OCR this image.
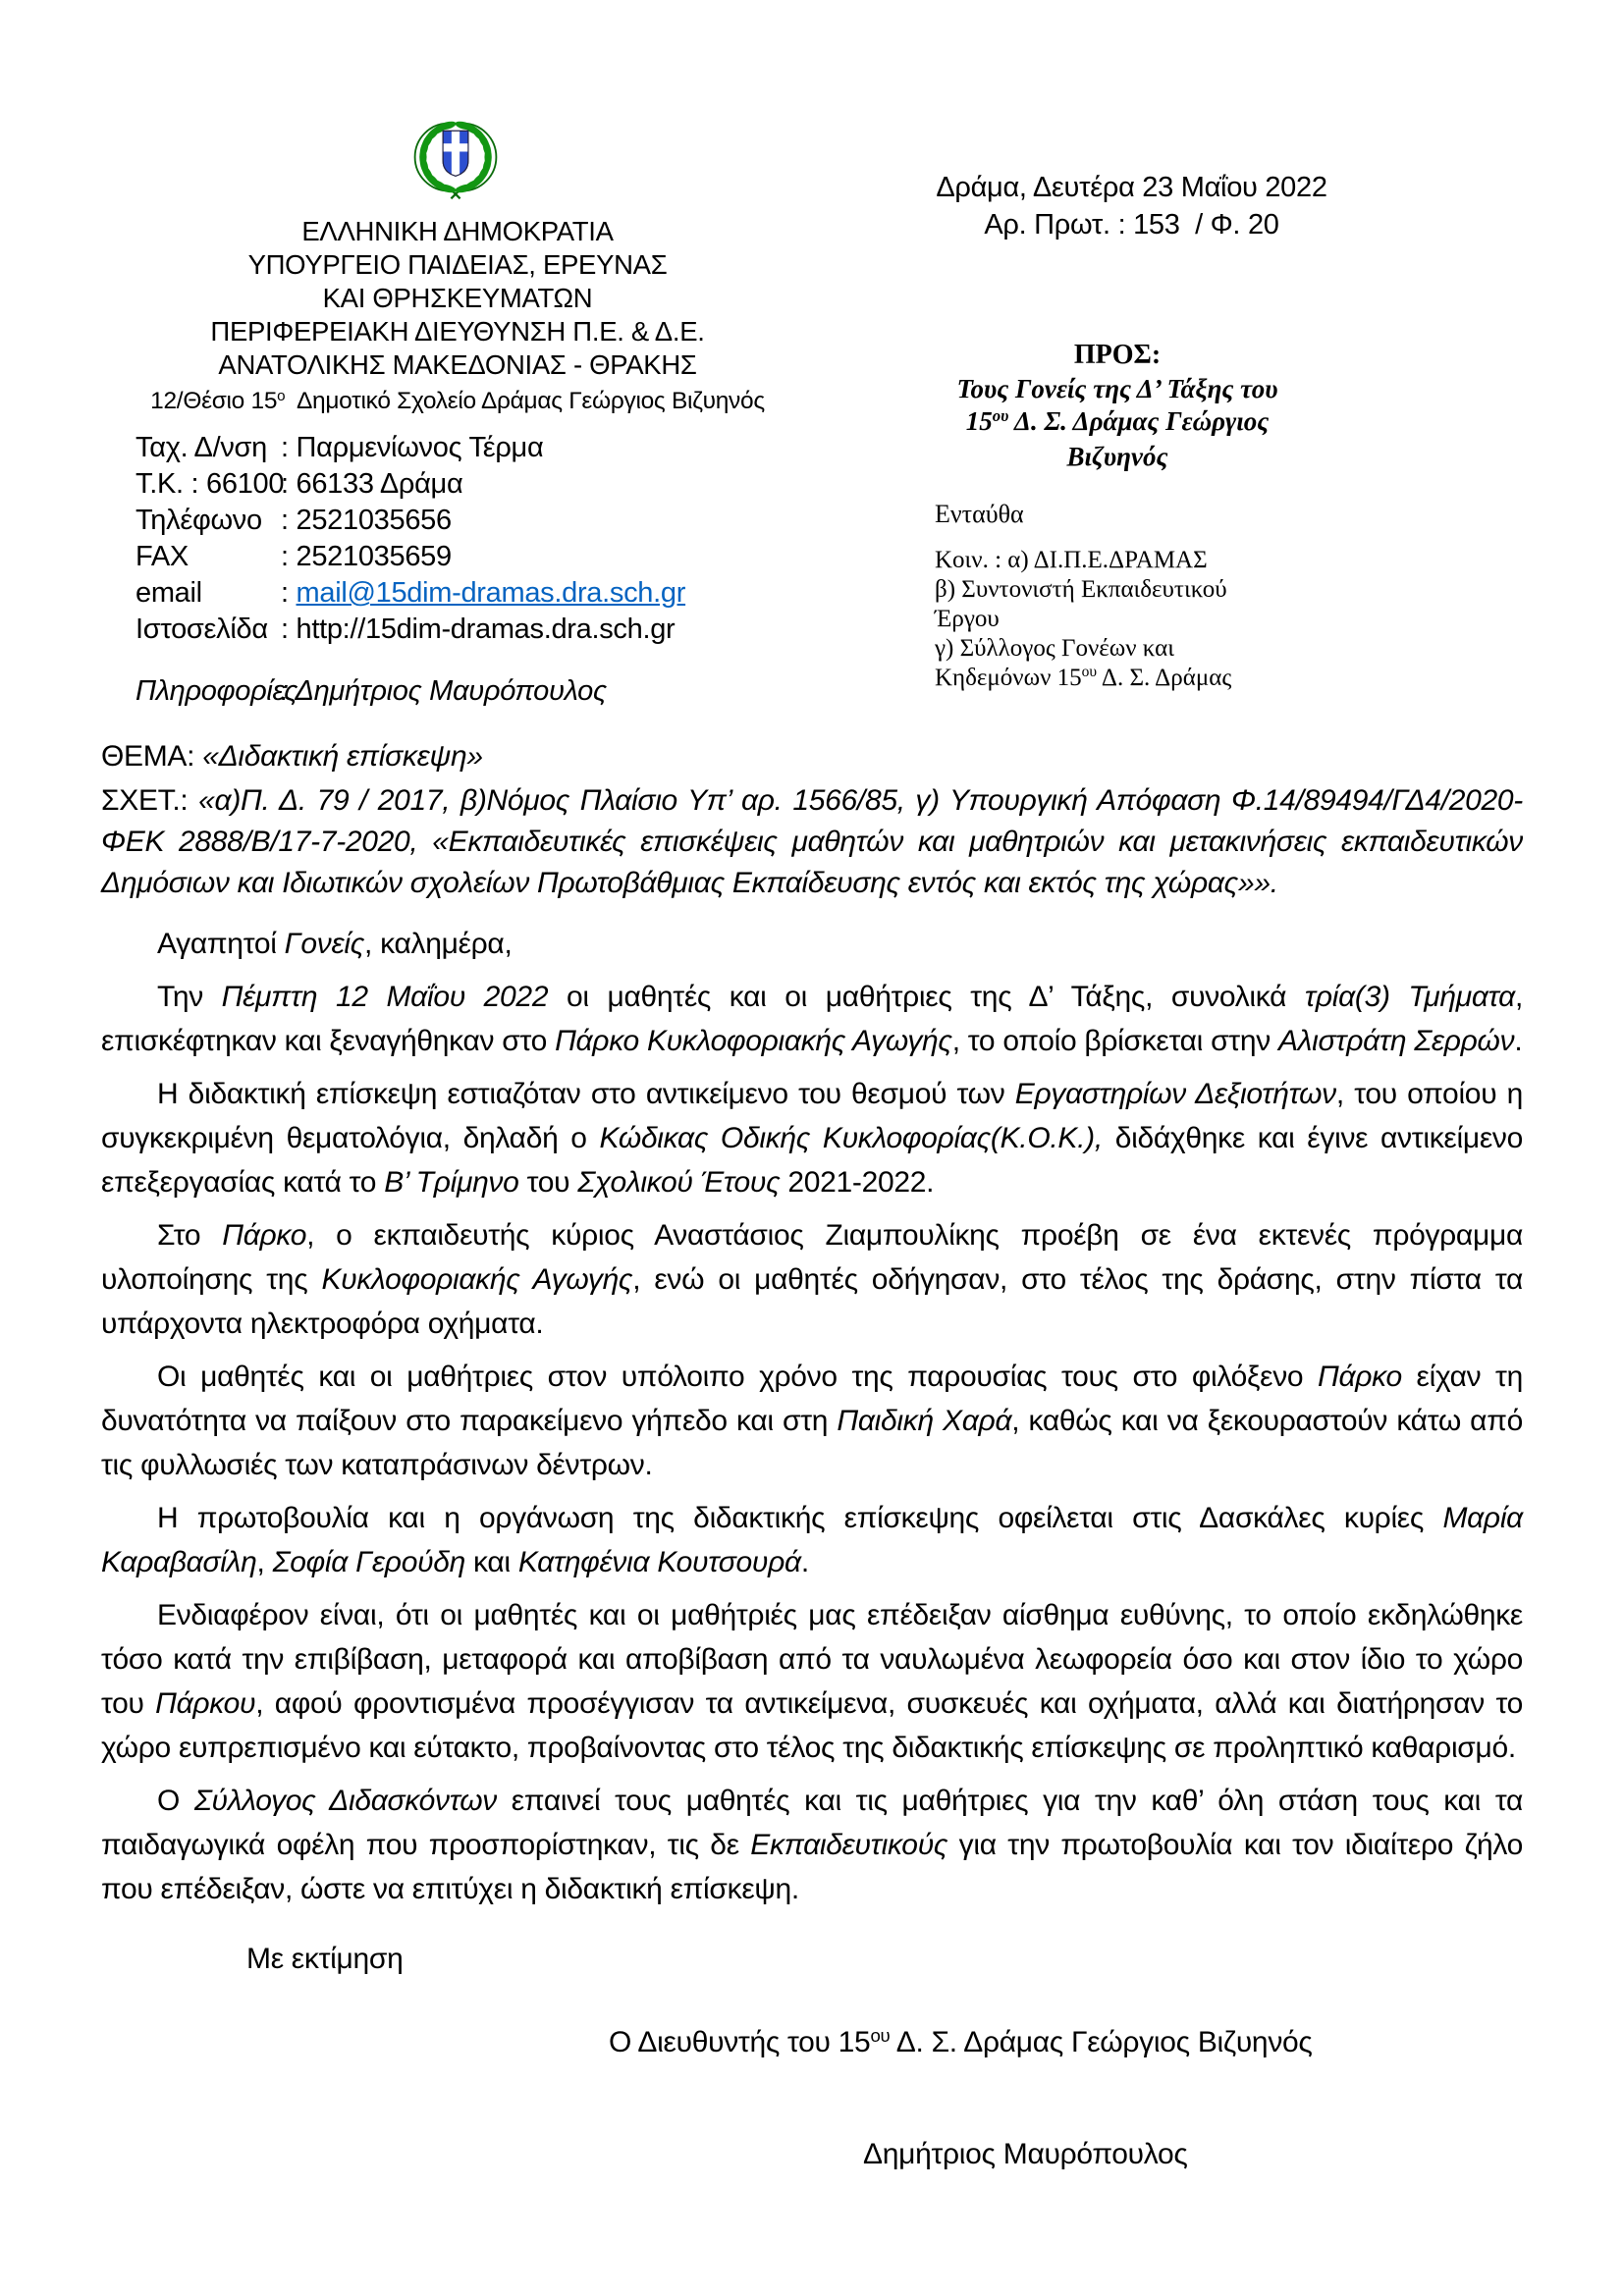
ΕΛΛΗΝΙΚΗ ΔΗΜΟΚΡΑΤΙΑ
ΥΠΟΥΡΓΕΙΟ ΠΑΙΔΕΙΑΣ, ΕΡΕΥΝΑΣ
ΚΑΙ ΘΡΗΣΚΕΥΜΑΤΩΝ
ΠΕΡΙΦΕΡΕΙΑΚΗ ΔΙΕΥΘΥΝΣΗ Π.Ε. & Δ.Ε.
ΑΝΑΤΟΛΙΚΗΣ ΜΑΚΕΔΟΝΙΑΣ - ΘΡΑΚΗΣ
12/Θέσιο $15^o$  Δημοτικό Σχολείο Δράμας Γεώργιος Βιζυηνός
Δράμα, Δευτέρα 23 Μαΐου 2022
Αρ. Πρωτ. : 153  / Φ. 20
Ταχ. Δ/νση : Παρμενίωνος Τέρμα
Τ.Κ. : 66100: 66133 Δράμα
Τηλέφωνο : 2521035656
FAX	: 2521035659
email	: mail@15dim-dramas.dra.sch.gr
Ιστοσελίδα : http://15dim-dramas.dra.sch.gr
Πληροφορίες: Δημήτριος Μαυρόπουλος
ΠΡΟΣ:
Τους Γονείς της Δ’ Τάξης του
$15^{o\upsilon}$ Δ. Σ. Δράμας Γεώργιος
Βιζυηνός
Ενταύθα
Κοιν. : α) ΔΙ.Π.Ε.ΔΡΑΜΑΣ
β) Συντονιστή Εκπαιδευτικού
Έργου
γ) Σύλλογος Γονέων και
Κηδεμόνων $15^{o\upsilon}$ Δ. Σ. Δράμας
ΘΕΜΑ: «Διδακτική επίσκεψη»
ΣΧΕΤ.: «α)Π. Δ. 79 / 2017, β)Νόμος Πλαίσιο Υπ’ αρ. 1566/85, γ) Υπουργική Απόφαση Φ.14/89494/ΓΔ4/2020-ΦΕΚ 2888/Β/17-7-2020, «Εκπαιδευτικές επισκέψεις μαθητών και μαθητριών και μετακινήσεις εκπαιδευτικών Δημόσιων και Ιδιωτικών σχολείων Πρωτοβάθμιας Εκπαίδευσης εντός και εκτός της χώρας»».

Αγαπητοί Γονείς, καλημέρα,

Την Πέμπτη 12 Μαΐου 2022 οι μαθητές και οι μαθήτριες της Δ’ Τάξης, συνολικά τρία(3) Τμήματα, επισκέφτηκαν και ξεναγήθηκαν στο Πάρκο Κυκλοφοριακής Αγωγής, το οποίο βρίσκεται στην Αλιστράτη Σερρών.

Η διδακτική επίσκεψη εστιαζόταν στο αντικείμενο του θεσμού των Εργαστηρίων Δεξιοτήτων, του οποίου η συγκεκριμένη θεματολόγια, δηλαδή ο Κώδικας Οδικής Κυκλοφορίας(Κ.Ο.Κ.), διδάχθηκε και έγινε αντικείμενο επεξεργασίας κατά το Β’ Τρίμηνο του Σχολικού Έτους 2021-2022.

Στο Πάρκο, ο εκπαιδευτής κύριος Αναστάσιος Ζιαμπουλίκης προέβη σε ένα εκτενές πρόγραμμα υλοποίησης της Κυκλοφοριακής Αγωγής, ενώ οι μαθητές οδήγησαν, στο τέλος της δράσης, στην πίστα τα υπάρχοντα ηλεκτροφόρα οχήματα.

Οι μαθητές και οι μαθήτριες στον υπόλοιπο χρόνο της παρουσίας τους στο φιλόξενο Πάρκο είχαν τη δυνατότητα να παίξουν στο παρακείμενο γήπεδο και στη Παιδική Χαρά, καθώς και να ξεκουραστούν κάτω από τις φυλλωσιές των καταπράσινων δέντρων.

Η πρωτοβουλία και η οργάνωση της διδακτικής επίσκεψης οφείλεται στις Δασκάλες κυρίες Μαρία Καραβασίλη, Σοφία Γερούδη και Κατηφένια Κουτσουρά.

Ενδιαφέρον είναι, ότι οι μαθητές και οι μαθήτριές μας επέδειξαν αίσθημα ευθύνης, το οποίο εκδηλώθηκε τόσο κατά την επιβίβαση, μεταφορά και αποβίβαση από τα ναυλωμένα λεωφορεία όσο και στον ίδιο το χώρο του Πάρκου, αφού φροντισμένα προσέγγισαν τα αντικείμενα, συσκευές και οχήματα, αλλά και διατήρησαν το χώρο ευπρεπισμένο και εύτακτο, προβαίνοντας στο τέλος της διδακτικής επίσκεψης σε προληπτικό καθαρισμό.

Ο Σύλλογος Διδασκόντων επαινεί τους μαθητές και τις μαθήτριες για την καθ’ όλη στάση τους και τα παιδαγωγικά οφέλη που προσπορίστηκαν, τις δε Εκπαιδευτικούς για την πρωτοβουλία και τον ιδιαίτερο ζήλο που επέδειξαν, ώστε να επιτύχει η διδακτική επίσκεψη.

Με εκτίμηση
Ο Διευθυντής του $15^{o\upsilon}$ Δ. Σ. Δράμας Γεώργιος Βιζυηνός
Δημήτριος Μαυρόπουλος
